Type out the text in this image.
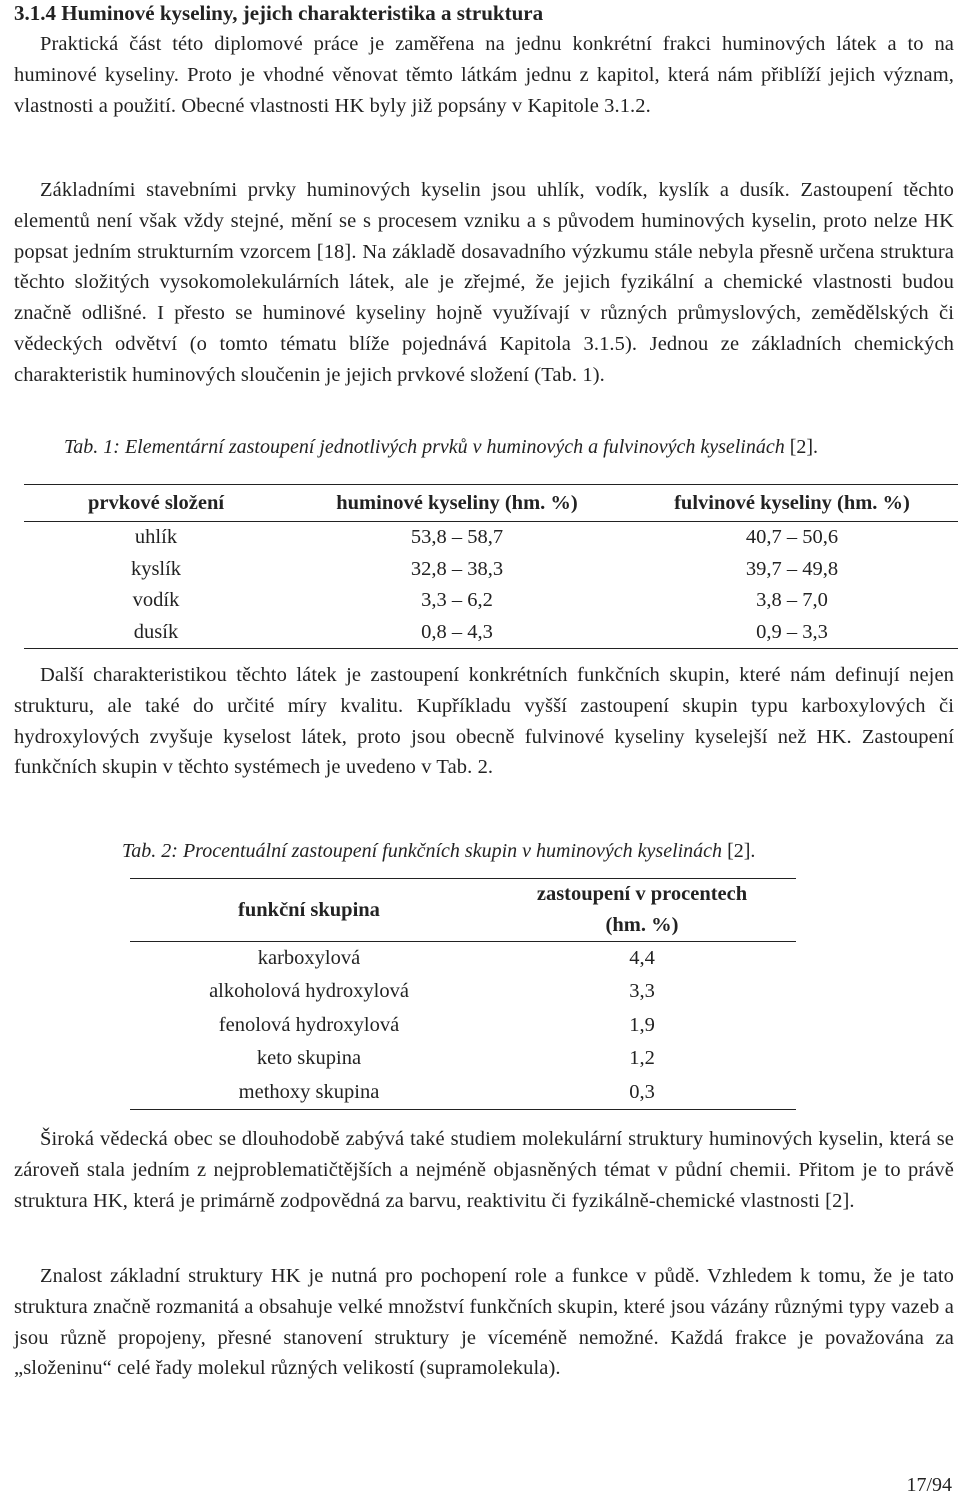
3.1.4 Huminové kyseliny, jejich charakteristika a struktura

Praktická část této diplomové práce je zaměřena na jednu konkrétní frakci huminových látek a to na huminové kyseliny. Proto je vhodné věnovat těmto látkám jednu z kapitol, která nám přiblíží jejich význam, vlastnosti a použití. Obecné vlastnosti HK byly již popsány v Kapitole 3.1.2.

Základními stavebními prvky huminových kyselin jsou uhlík, vodík, kyslík a dusík. Zastoupení těchto elementů není však vždy stejné, mění se s procesem vzniku a s původem huminových kyselin, proto nelze HK popsat jedním strukturním vzorcem [18]. Na základě dosavadního výzkumu stále nebyla přesně určena struktura těchto složitých vysokomolekulárních látek, ale je zřejmé, že jejich fyzikální a chemické vlastnosti budou značně odlišné. I přesto se huminové kyseliny hojně využívají v různých průmyslových, zemědělských či vědeckých odvětví (o tomto tématu blíže pojednává Kapitola 3.1.5). Jednou ze základních chemických charakteristik huminových sloučenin je jejich prvkové složení (Tab. 1).

Tab. 1: Elementární zastoupení jednotlivých prvků v huminových a fulvinových kyselinách [2].
prvkové složení	huminové kyseliny (hm. %)	fulvinové kyseliny (hm. %)
uhlík	53,8 – 58,7	40,7 – 50,6
kyslík	32,8 – 38,3	39,7 – 49,8
vodík	3,3 – 6,2	3,8 – 7,0
dusík	0,8 – 4,3	0,9 – 3,3

Další charakteristikou těchto látek je zastoupení konkrétních funkčních skupin, které nám definují nejen strukturu, ale také do určité míry kvalitu. Kupříkladu vyšší zastoupení skupin typu karboxylových či hydroxylových zvyšuje kyselost látek, proto jsou obecně fulvinové kyseliny kyselejší než HK. Zastoupení funkčních skupin v těchto systémech je uvedeno v Tab. 2.

Tab. 2: Procentuální zastoupení funkčních skupin v huminových kyselinách [2].
funkční skupina	zastoupení v procentech
(hm. %)

karboxylová	4,4
alkoholová hydroxylová	3,3
fenolová hydroxylová	1,9
keto skupina	1,2
methoxy skupina	0,3

Široká vědecká obec se dlouhodobě zabývá také studiem molekulární struktury huminových kyselin, která se zároveň stala jedním z nejproblematičtějších a nejméně objasněných témat v půdní chemii. Přitom je to právě struktura HK, která je primárně zodpovědná za barvu, reaktivitu či fyzikálně-chemické vlastnosti [2].

Znalost základní struktury HK je nutná pro pochopení role a funkce v půdě. Vzhledem k tomu, že je tato struktura značně rozmanitá a obsahuje velké množství funkčních skupin, které jsou vázány různými typy vazeb a jsou různě propojeny, přesné stanovení struktury je víceméně nemožné. Každá frakce je považována za „složeninu“ celé řady molekul různých velikostí (supramolekula).

17/94
